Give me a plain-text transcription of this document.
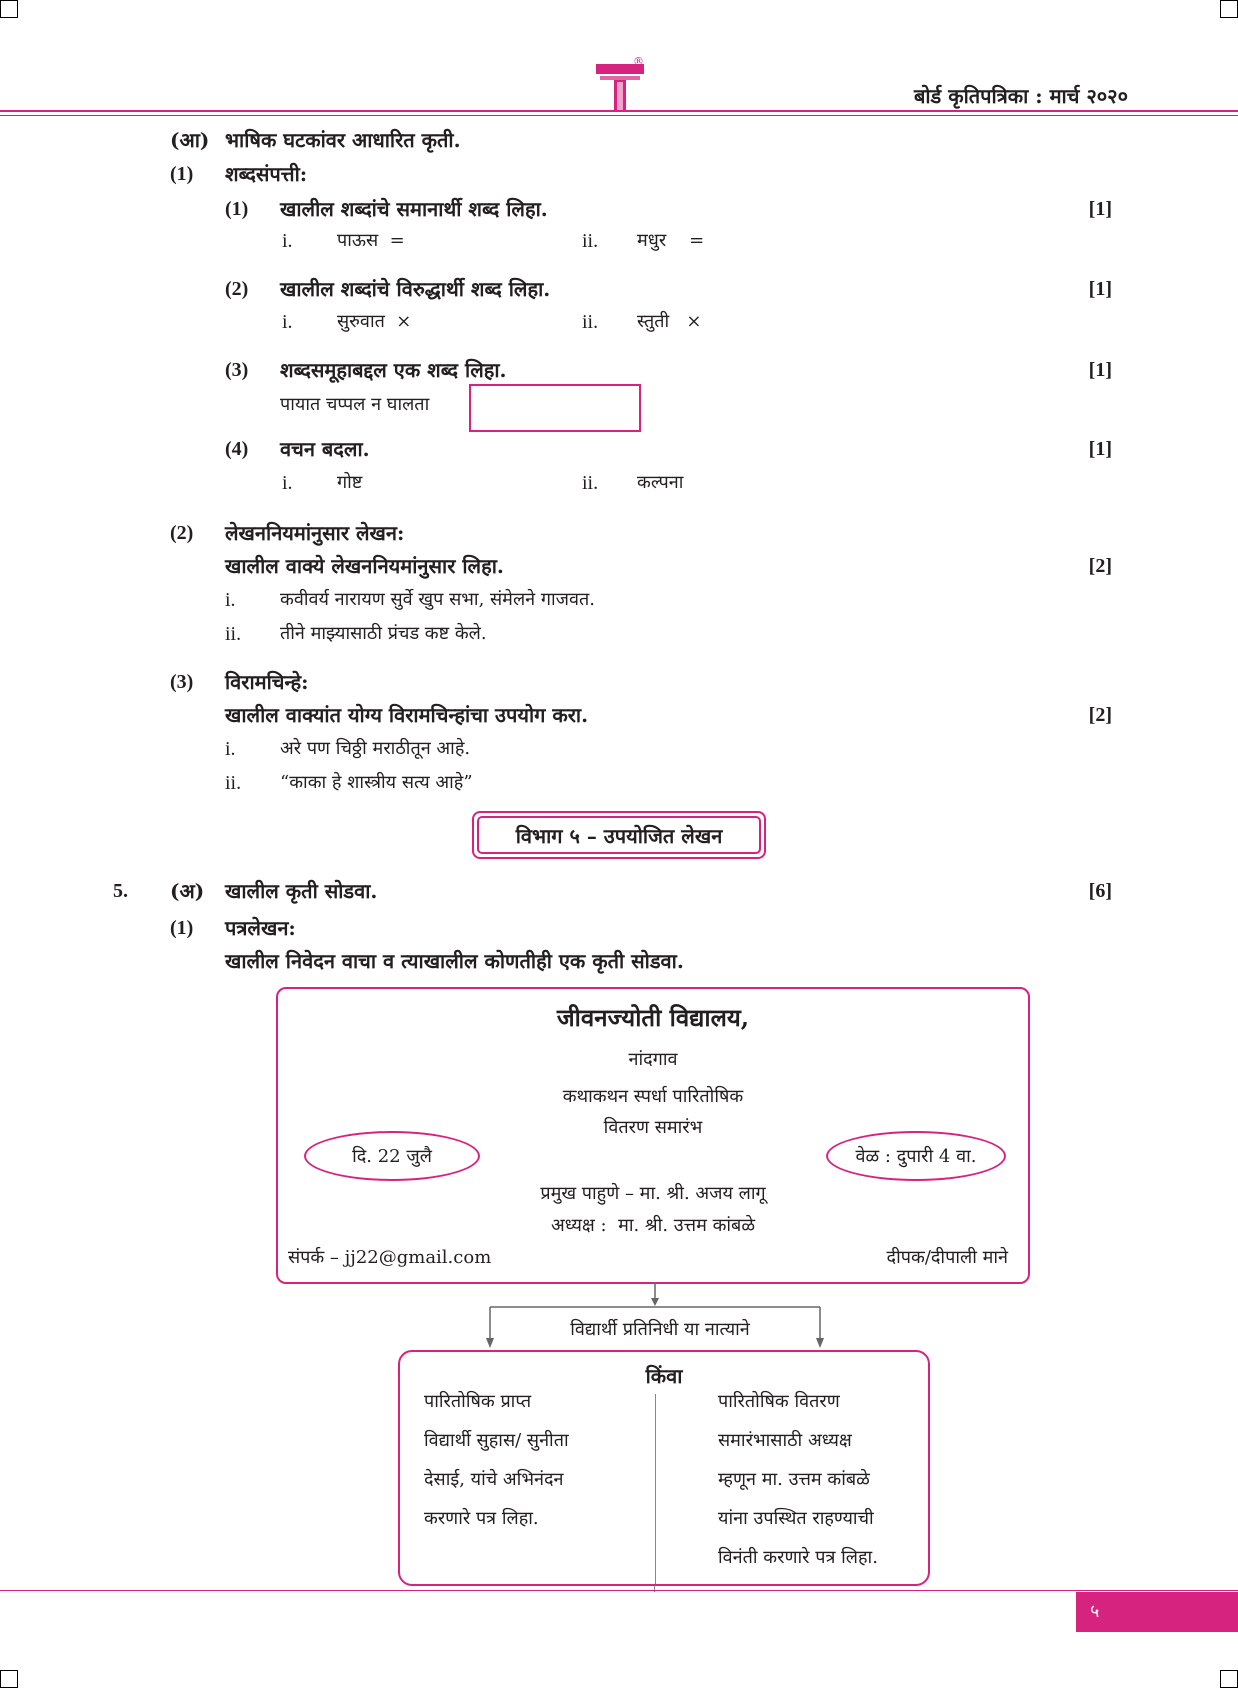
®
बोर्ड कृतिपत्रिका : मार्च २०२०
(आ) भाषिक घटकांवर आधारित कृती.
(1) शब्दसंपत्ती:
(1) खालील शब्दांचे समानार्थी शब्द लिहा.	[1]
i. पाऊस  =	ii. मधुर    =
(2) खालील शब्दांचे विरुद्धार्थी शब्द लिहा.	[1]
i. सुरुवात  ×	ii. स्तुती   ×
(3) शब्दसमूहाबद्दल एक शब्द लिहा.	[1]
पायात चप्पल न घालता
(4) वचन बदला.	[1]
i. गोष्ट	ii. कल्पना
(2) लेखननियमांनुसार लेखन:
खालील वाक्ये लेखननियमांनुसार लिहा.	[2]
i. कवीवर्य नारायण सुर्वे खुप सभा, संमेलने गाजवत.
ii. तीने माझ्यासाठी प्रंचड कष्ट केले.
(3) विरामचिन्हे:
खालील वाक्यांत योग्य विरामचिन्हांचा उपयोग करा.	[2]
i. अरे पण चिठ्ठी मराठीतून आहे.
ii. “काका हे शास्त्रीय सत्य आहे”
विभाग ५ – उपयोजित लेखन
5. (अ) खालील कृती सोडवा.	[6]
(1) पत्रलेखन:
खालील निवेदन वाचा व त्याखालील कोणतीही एक कृती सोडवा.
जीवनज्योती विद्यालय,
नांदगाव
कथाकथन स्पर्धा पारितोषिक
वितरण समारंभ
दि. 22 जुलै	वेळ : दुपारी 4 वा.
प्रमुख पाहुणे – मा. श्री. अजय लागू
अध्यक्ष :  मा. श्री. उत्तम कांबळे
संपर्क – jj22@gmail.com	दीपक/दीपाली माने
विद्यार्थी प्रतिनिधी या नात्याने
किंवा
पारितोषिक प्राप्त
विद्यार्थी सुहास/ सुनीता
देसाई, यांचे अभिनंदन
करणारे पत्र लिहा.
पारितोषिक वितरण
समारंभासाठी अध्यक्ष
म्हणून मा. उत्तम कांबळे
यांना उपस्थित राहण्याची
विनंती करणारे पत्र लिहा.
५
